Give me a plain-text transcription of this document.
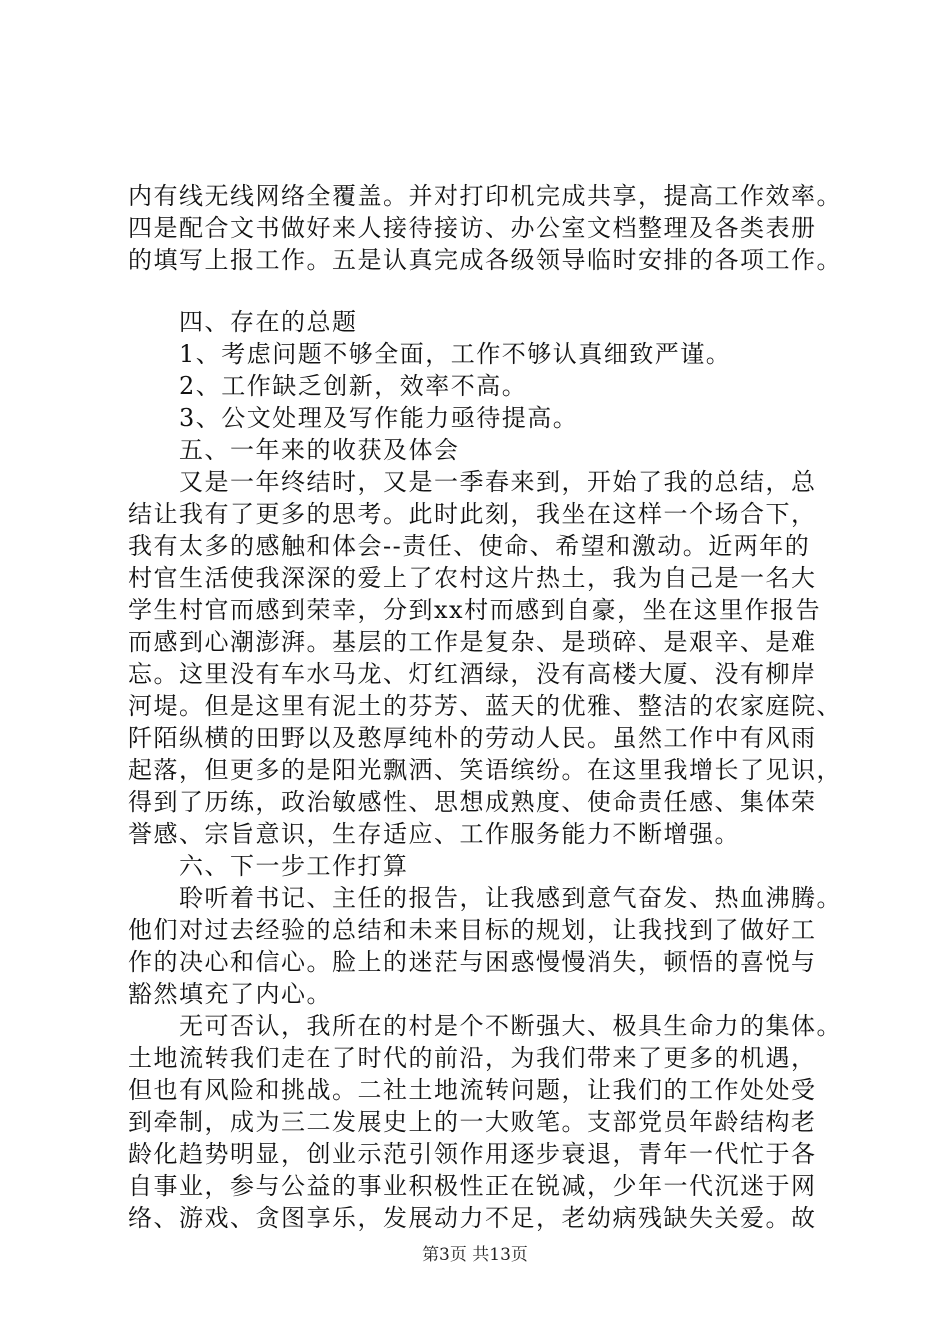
内有线无线网络全覆盖。并对打印机完成共享，提高工作效率。
四是配合文书做好来人接待接访、办公室文档整理及各类表册
的填写上报工作。五是认真完成各级领导临时安排的各项工作。
　　四、存在的总题
　　1、考虑问题不够全面，工作不够认真细致严谨。
　　2、工作缺乏创新，效率不高。
　　3、公文处理及写作能力亟待提高。
　　五、一年来的收获及体会
　　又是一年终结时，又是一季春来到，开始了我的总结，总
结让我有了更多的思考。此时此刻，我坐在这样一个场合下，
我有太多的感触和体会--责任、使命、希望和激动。近两年的
村官生活使我深深的爱上了农村这片热土，我为自己是一名大
学生村官而感到荣幸，分到xx村而感到自豪，坐在这里作报告
而感到心潮澎湃。基层的工作是复杂、是琐碎、是艰辛、是难
忘。这里没有车水马龙、灯红酒绿，没有高楼大厦、没有柳岸
河堤。但是这里有泥土的芬芳、蓝天的优雅、整洁的农家庭院、
阡陌纵横的田野以及憨厚纯朴的劳动人民。虽然工作中有风雨
起落，但更多的是阳光飘洒、笑语缤纷。在这里我增长了见识，
得到了历练，政治敏感性、思想成熟度、使命责任感、集体荣
誉感、宗旨意识，生存适应、工作服务能力不断增强。
　　六、下一步工作打算
　　聆听着书记、主任的报告，让我感到意气奋发、热血沸腾。
他们对过去经验的总结和未来目标的规划，让我找到了做好工
作的决心和信心。脸上的迷茫与困惑慢慢消失，顿悟的喜悦与
豁然填充了内心。
　　无可否认，我所在的村是个不断强大、极具生命力的集体。
土地流转我们走在了时代的前沿，为我们带来了更多的机遇，
但也有风险和挑战。二社土地流转问题，让我们的工作处处受
到牵制，成为三二发展史上的一大败笔。支部党员年龄结构老
龄化趋势明显，创业示范引领作用逐步衰退，青年一代忙于各
自事业，参与公益的事业积极性正在锐减，少年一代沉迷于网
络、游戏、贪图享乐，发展动力不足，老幼病残缺失关爱。故
第3页 共13页
